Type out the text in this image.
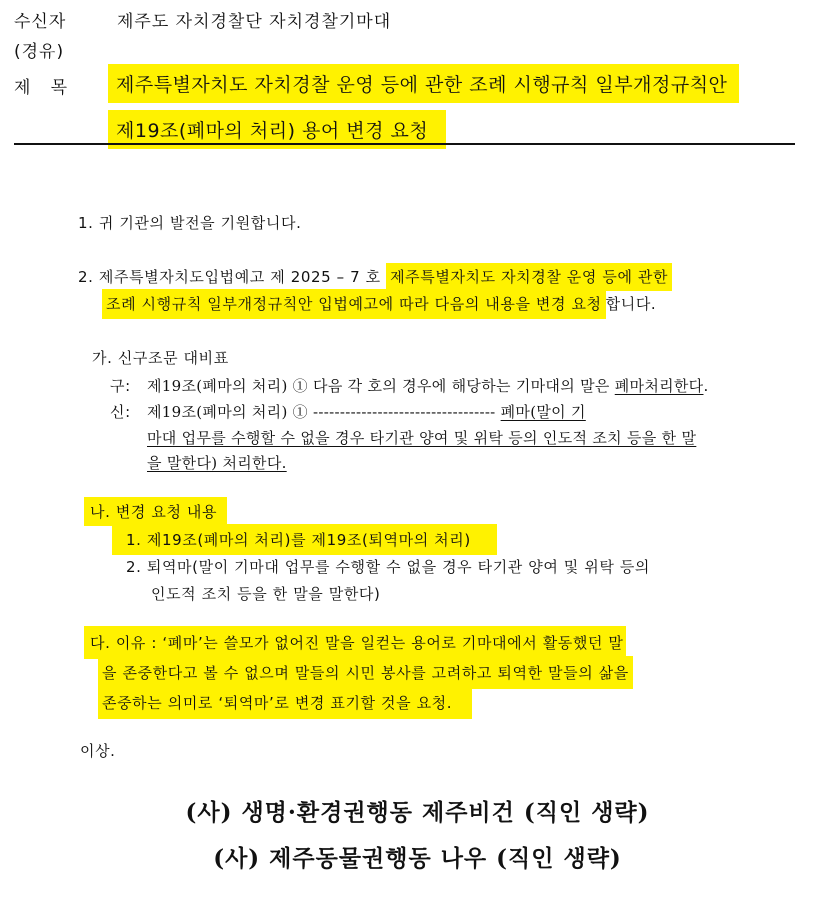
수신자	제주도 자치경찰단 자치경찰기마대
(경유)
제   목	제주특별자치도 자치경찰 운영 등에 관한 조례 시행규칙 일부개정규칙안
제19조(폐마의 처리) 용어 변경 요청
1. 귀 기관의 발전을 기원합니다.
2. 제주특별자치도입법예고 제 2025 – 7 호 제주특별자치도 자치경찰 운영 등에 관한
조례 시행규칙 일부개정규칙안 입법예고에 따라 다음의 내용을 변경 요청 합니다.
가. 신구조문 대비표
구: 제19조(폐마의 처리) ① 다음 각 호의 경우에 해당하는 기마대의 말은 폐마처리한다.
신: 제19조(폐마의 처리) ① ---------------------------------- 폐마(말이 기
마대 업무를 수행할 수 없을 경우 타기관 양여 및 위탁 등의 인도적 조치 등을 한 말
을 말한다) 처리한다.
나. 변경 요청 내용
1. 제19조(폐마의 처리)를 제19조(퇴역마의 처리)
2. 퇴역마(말이 기마대 업무를 수행할 수 없을 경우 타기관 양여 및 위탁 등의
인도적 조치 등을 한 말을 말한다)
다. 이유 : ‘폐마’는 쓸모가 없어진 말을 일컫는 용어로 기마대에서 활동했던 말
을 존중한다고 볼 수 없으며 말들의 시민 봉사를 고려하고 퇴역한 말들의 삶을
존중하는 의미로 ‘퇴역마’로 변경 표기할 것을 요청.
이상.
(사) 생명·환경권행동 제주비건 (직인 생략)
(사) 제주동물권행동 나우 (직인 생략)
